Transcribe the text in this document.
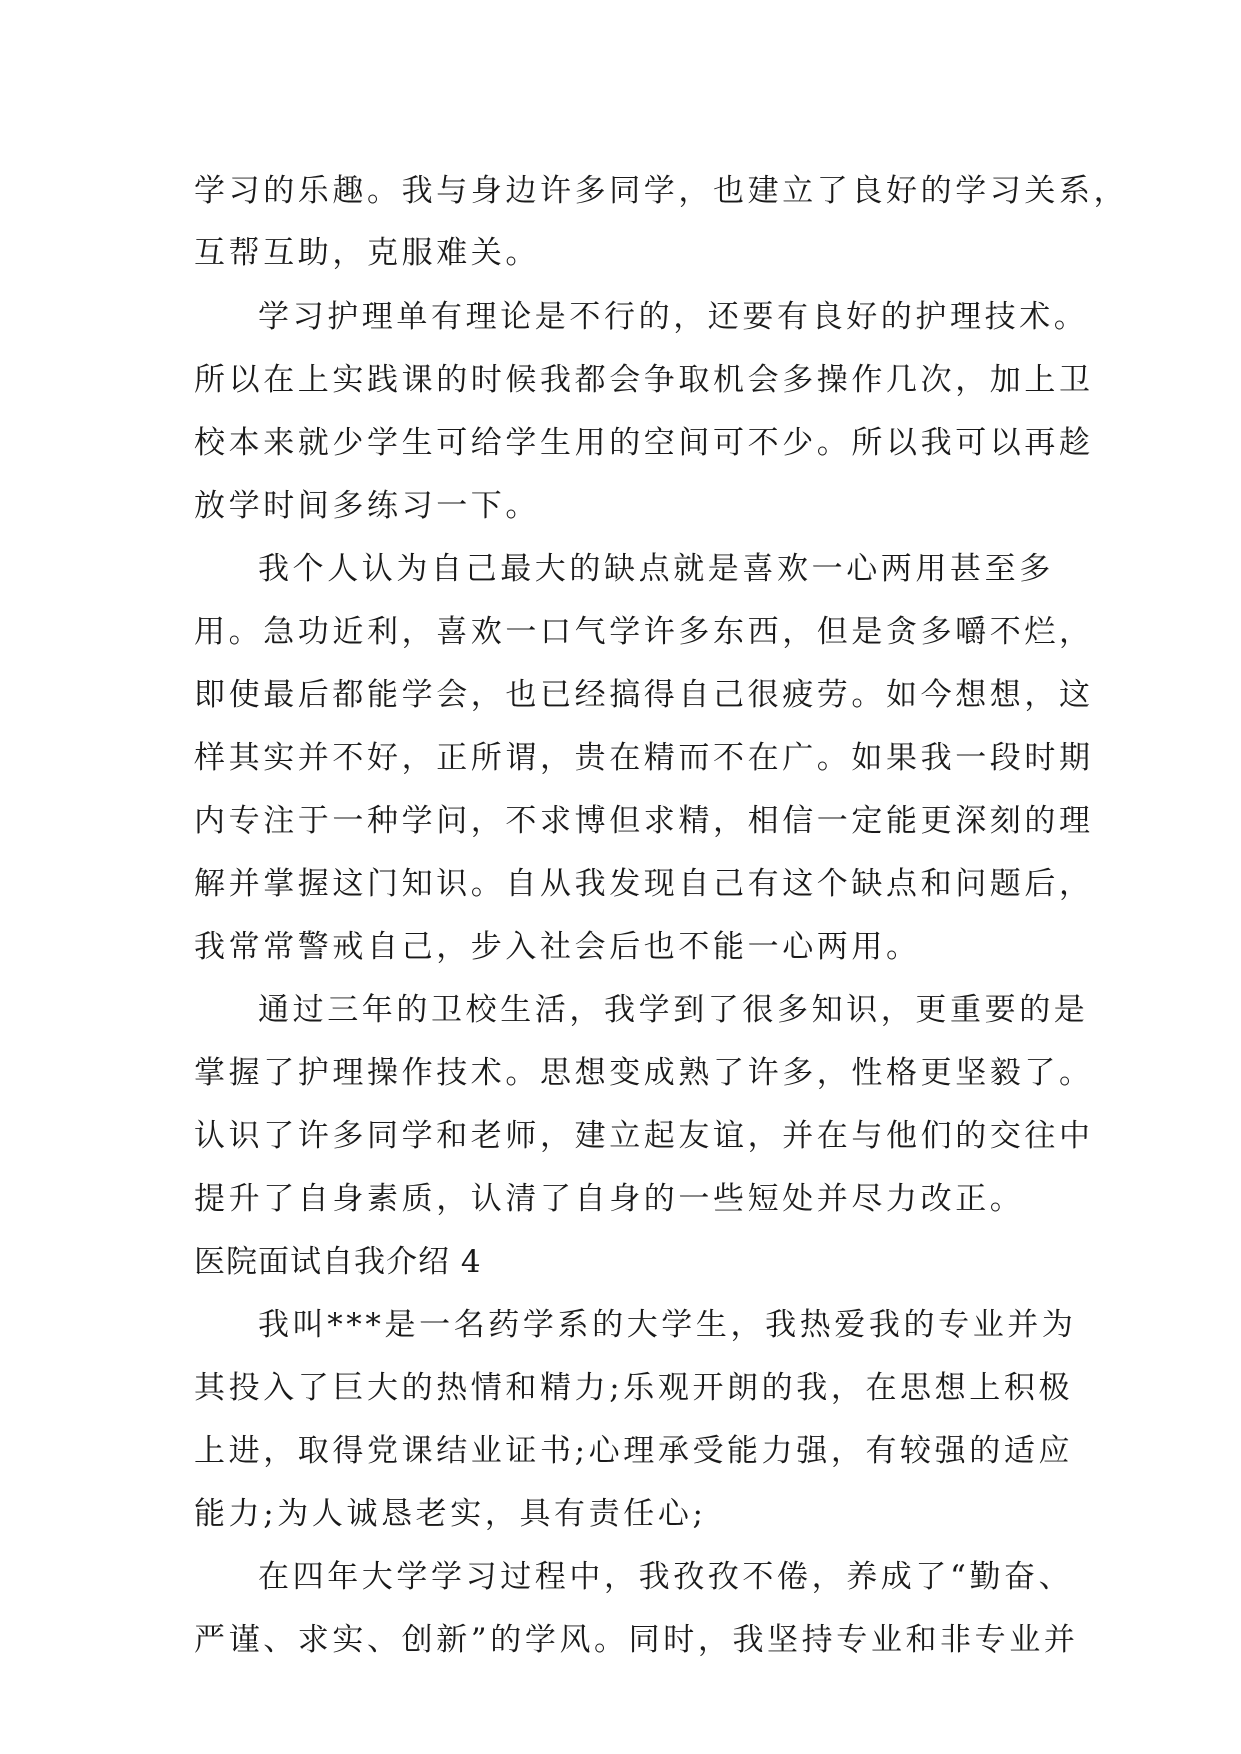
学习的乐趣。我与身边许多同学，也建立了良好的学习关系，
互帮互助，克服难关。
学习护理单有理论是不行的，还要有良好的护理技术。
所以在上实践课的时候我都会争取机会多操作几次，加上卫
校本来就少学生可给学生用的空间可不少。所以我可以再趁
放学时间多练习一下。
我个人认为自己最大的缺点就是喜欢一心两用甚至多
用。急功近利，喜欢一口气学许多东西，但是贪多嚼不烂，
即使最后都能学会，也已经搞得自己很疲劳。如今想想，这
样其实并不好，正所谓，贵在精而不在广。如果我一段时期
内专注于一种学问，不求博但求精，相信一定能更深刻的理
解并掌握这门知识。自从我发现自己有这个缺点和问题后，
我常常警戒自己，步入社会后也不能一心两用。
通过三年的卫校生活，我学到了很多知识，更重要的是
掌握了护理操作技术。思想变成熟了许多，性格更坚毅了。
认识了许多同学和老师，建立起友谊，并在与他们的交往中
提升了自身素质，认清了自身的一些短处并尽力改正。
医院面试自我介绍 4
我叫***是一名药学系的大学生，我热爱我的专业并为
其投入了巨大的热情和精力;乐观开朗的我，在思想上积极
上进，取得党课结业证书;心理承受能力强，有较强的适应
能力;为人诚恳老实，具有责任心;
在四年大学学习过程中，我孜孜不倦，养成了“勤奋、
严谨、求实、创新”的学风。同时，我坚持专业和非专业并
